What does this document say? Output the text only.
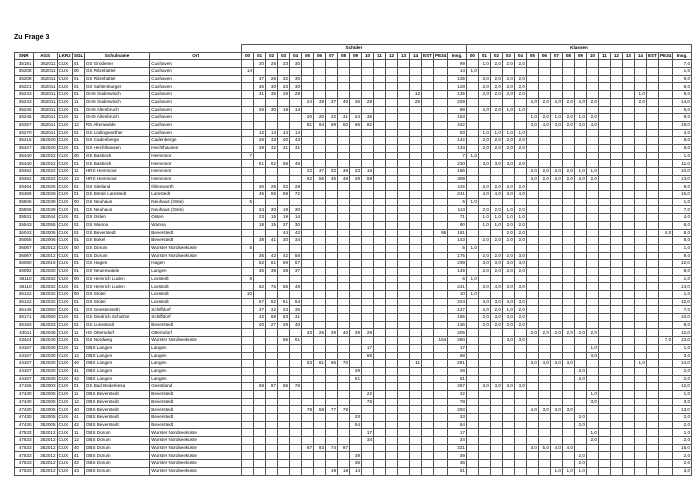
Zu Frage 3
						Schüler																		Klassen																	
SNR	AGS	LKRz	SGL	Schulname	Ort	00	01	02	03	04	05	06	07	08	09	10	11	12	13	14	EST	PE34	Insg.	00	01	02	03	04	05	06	07	08	09	10	11	12	13	14	EST	PE34	Insg.
35191	352011	CUX	01	GS Grodener	Cuxhaven		20	26	23	30													99		1,0	2,0	2,0	2,0													7,0
35208	352011	CUX	00	GS Ritzebüttel	Cuxhaven	14																	14	1,0																	1,0
35208	352011	CUX	01	GS Ritzebüttel	Cuxhaven		47	26	32	30													135		3,0	2,0	2,0	2,0													9,0
35221	352011	CUX	01	GS Sahlenburger	Cuxhaven		35	30	33	30													128		2,0	2,0	2,0	2,0													8,0
35233	352011	CUX	01	GHS Süderwisch	Cuxhaven		31	35	29	28										12			135		2,0	2,0	2,0	2,0										1,0			9,0
35233	352011	CUX	11	GHS Süderwisch	Cuxhaven						24	38	37	40	36	28				26			229						2,0	2,0	2,0	2,0	2,0	2,0				2,0			14,0
35245	352011	CUX	01	GHS Altenbruch	Cuxhaven		26	30	18	14													88		2,0	2,0	1,0	1,0													6,0
35245	352011	CUX	11	GHS Altenbruch	Cuxhaven						20	20	22	31	24	36							153						1,0	2,0	1,0	2,0	1,0	2,0							9,0
35257	352011	CUX	12	RS Altenwalde	Cuxhaven						81	94	69	50	66	82							442						3,0	4,0	3,0	2,0	3,0	4,0							19,0
35270	352011	CUX	01	GS Lüdingworther	Cuxhaven		12	13	14	14													53		1,0	1,0	1,0	1,0													4,0
35415	352020	CUX	01	GS Cadenberge	Cadenberge		26	33	40	43													142		2,0	2,0	2,0	2,0													8,0
35427	352020	CUX	01	GS Hechthausen	Hechthausen		39	32	31	31													133		2,0	2,0	2,0	2,0													8,0
35440	352022	CUX	00	GS Basbeck	Hemmoor	7																	7	1,0																	1,0
35440	352022	CUX	01	GS Basbeck	Hemmoor		61	62	58	49													230		3,0	3,0	3,0	2,0													11,0
35452	352022	CUX	11	HRS Hemmoor	Hemmoor						22	37	32	36	23	16							166						2,0	2,0	2,0	2,0	1,0	1,0							10,0
35452	352022	CUX	12	HRS Hemmoor	Hemmoor						62	56	45	48	39	59							309						3,0	2,0	2,0	2,0	2,0	2,0							13,0
35464	352025	CUX	01	GS Sietland	Ihlienworth		30	25	32	28													115		2,0	2,0	2,0	2,0													8,0
35488	352029	CUX	01	GS Börde Lamstedt	Lamstedt		45	65	59	72													241		4,0	4,0	3,0	4,0													15,0
35506	352039	CUX	00	GS Neuhaus	Neuhaus (Oste)	5																	5	1,0																	1,0
35506	352039	CUX	01	GS Neuhaus	Neuhaus (Oste)		34	30	19	30													113		2,0	2,0	1,0	2,0													7,0
35531	352044	CUX	01	GS Osten	Osten		23	15	19	14													71		1,0	1,0	1,0	1,0													4,0
35543	352055	CUX	01	GS Wanna	Wanna		18	15	27	30													90		1,0	1,0	2,0	2,0													6,0
36043	352005	CUX	01	GS Beverstedt	Beverstedt				44	42												95	181				2,0	2,0												4,0	8,0
36055	352006	CUX	01	GS Bokel	Beverstedt		38	41	30	34													143		2,0	2,0	2,0	2,0													8,0
36067	352012	CUX	00	GS Dorum	Wurster Nordseeküste	5																	5	1,0																	1,0
36067	352012	CUX	01	GS Dorum	Wurster Nordseeküste		35	42	42	56													175		2,0	2,0	2,0	3,0													9,0
36080	352019	CUX	01	GS Hagen	Hagen		62	61	59	57													239		3,0	3,0	3,0	3,0													12,0
36092	352030	CUX	01	GS Neuenwalde	Langen		35	39	38	37													149		2,0	2,0	2,0	2,0													8,0
36110	352032	CUX	00	GS Heinrich Luden	Loxstedt	6																	6	1,0																	1,0
36110	352032	CUX	01	GS Heinrich Luden	Loxstedt		62	75	56	48													241		3,0	4,0	3,0	3,0													13,0
36122	352032	CUX	00	GS Stotel	Loxstedt	10																	10	1,0																	1,0
36122	352032	CUX	01	GS Stotel	Loxstedt		57	52	61	54													224		3,0	3,0	3,0	3,0													12,0
36146	352050	CUX	01	GS Geestenseth	Schiffdorf		37	32	23	35													127		2,0	2,0	1,0	2,0													7,0
36171	352050	CUX	01	GS Diedrich Schultze	Schiffdorf		42	59	53	31													185		2,0	3,0	3,0	2,0													10,0
36183	352033	CUX	01	GS Lunestedt	Beverstedt		40	27	29	40													136		2,0	2,0	2,0	2,0													8,0
43011	352046	CUX	11	HS Otterndorf	Otterndorf						33	25	39	40	39	29							205						2,0	2,0	2,0	2,0	2,0	2,0							12,0
43424	352040	CUX	01	GS Nordweg	Wurster Nordseeküste				65	61												154	280				3,0	3,0												7,0	13,0
44167	352030	CUX	11	OBS Langen	Langen											17							17											1,0							1,0
44167	352030	CUX	12	OBS Langen	Langen											68							68											3,0							3,0
44167	352030	CUX	40	OBS Langen	Langen						53	81	66	70						11			281						3,0	4,0	3,0	3,0						1,0			14,0
44167	352030	CUX	41	OBS Langen	Langen										29								29										2,0								2,0
44167	352030	CUX	42	OBS Langen	Langen										51								51										2,0								2,0
47156	352003	CUX	01	GS Bad Bederkesa	Geestland		68	67	56	76													267		3,0	3,0	3,0	3,0													12,0
47430	352005	CUX	11	OBS Beverstedt	Beverstedt											22							22											1,0							1,0
47430	352005	CUX	12	OBS Beverstedt	Beverstedt											78							78											3,0							3,0
47430	352005	CUX	40	OBS Beverstedt	Beverstedt						79	58	77	79									293						4,0	3,0	3,0	3,0									13,0
47430	352005	CUX	41	OBS Beverstedt	Beverstedt										33								33										2,0								2,0
47430	352005	CUX	42	OBS Beverstedt	Beverstedt										54								54										2,0								2,0
47533	352012	CUX	11	OBS Dorum	Wurster Nordseeküste											17							17											1,0							1,0
47533	352012	CUX	12	OBS Dorum	Wurster Nordseeküste											34							34											2,0							2,0
47533	352012	CUX	40	OBS Dorum	Wurster Nordseeküste						67	93	74	87									321						3,0	5,0	4,0	4,0									16,0
47533	352012	CUX	41	OBS Dorum	Wurster Nordseeküste										39								39										2,0								2,0
47533	352012	CUX	42	OBS Dorum	Wurster Nordseeküste										36								36										2,0								2,0
47533	352012	CUX	43	OBS Dorum	Wurster Nordseeküste								19	18	14								51								1,0	1,0	1,0								3,0
